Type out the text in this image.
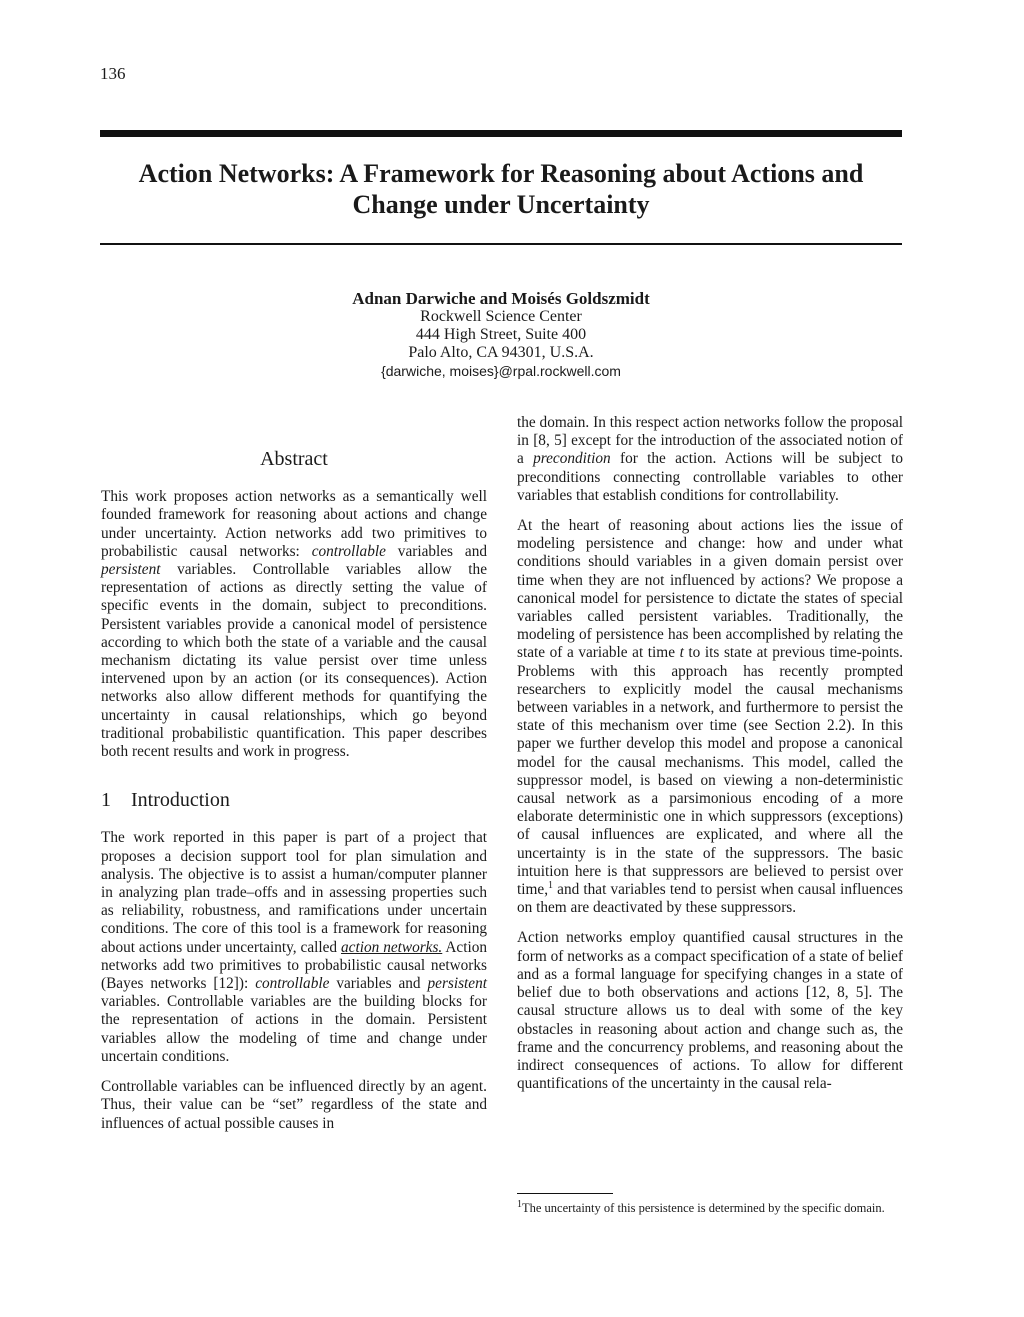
136
Action Networks: A Framework for Reasoning about Actions and
Change under Uncertainty
Adnan Darwiche and Moisés Goldszmidt
Rockwell Science Center
444 High Street, Suite 400
Palo Alto, CA 94301, U.S.A.
{darwiche, moises}@rpal.rockwell.com
Abstract

This work proposes action networks as a semantically well founded framework for reasoning about actions and change under uncertainty. Action networks add two primitives to probabilistic causal networks: controllable variables and persistent variables. Controllable variables allow the representation of actions as directly setting the value of specific events in the domain, subject to preconditions. Persistent variables provide a canonical model of persistence according to which both the state of a variable and the causal mechanism dictating its value persist over time unless intervened upon by an action (or its consequences). Action networks also allow different methods for quantifying the uncertainty in causal relationships, which go beyond traditional probabilistic quantification. This paper describes both recent results and work in progress.

1 Introduction

The work reported in this paper is part of a project that proposes a decision support tool for plan simulation and analysis. The objective is to assist a human/computer planner in analyzing plan trade–offs and in assessing properties such as reliability, robustness, and ramifications under uncertain conditions. The core of this tool is a framework for reasoning about actions under uncertainty, called action networks. Action networks add two primitives to probabilistic causal networks (Bayes networks [12]): controllable variables and persistent variables. Controllable variables are the building blocks for the representation of actions in the domain. Persistent variables allow the modeling of time and change under uncertain conditions.

Controllable variables can be influenced directly by an agent. Thus, their value can be “set” regardless of the state and influences of actual possible causes in

the domain. In this respect action networks follow the proposal in [8, 5] except for the introduction of the associated notion of a precondition for the action. Actions will be subject to preconditions connecting controllable variables to other variables that establish conditions for controllability.

At the heart of reasoning about actions lies the issue of modeling persistence and change: how and under what conditions should variables in a given domain persist over time when they are not influenced by actions? We propose a canonical model for persistence to dictate the states of special variables called persistent variables. Traditionally, the modeling of persistence has been accomplished by relating the state of a variable at time t to its state at previous time-points. Problems with this approach has recently prompted researchers to explicitly model the causal mechanisms between variables in a network, and furthermore to persist the state of this mechanism over time (see Section 2.2). In this paper we further develop this model and propose a canonical model for the causal mechanisms. This model, called the suppressor model, is based on viewing a non-deterministic causal network as a parsimonious encoding of a more elaborate deterministic one in which suppressors (exceptions) of causal influences are explicated, and where all the uncertainty is in the state of the suppressors. The basic intuition here is that suppressors are believed to persist over time,$^1$ and that variables tend to persist when causal influences on them are deactivated by these suppressors.

Action networks employ quantified causal structures in the form of networks as a compact specification of a state of belief and as a formal language for specifying changes in a state of belief due to both observations and actions [12, 8, 5]. The causal structure allows us to deal with some of the key obstacles in reasoning about action and change such as, the frame and the concurrency problems, and reasoning about the indirect consequences of actions. To allow for different quantifications of the uncertainty in the causal rela-

$^1$The uncertainty of this persistence is determined by the specific domain.
